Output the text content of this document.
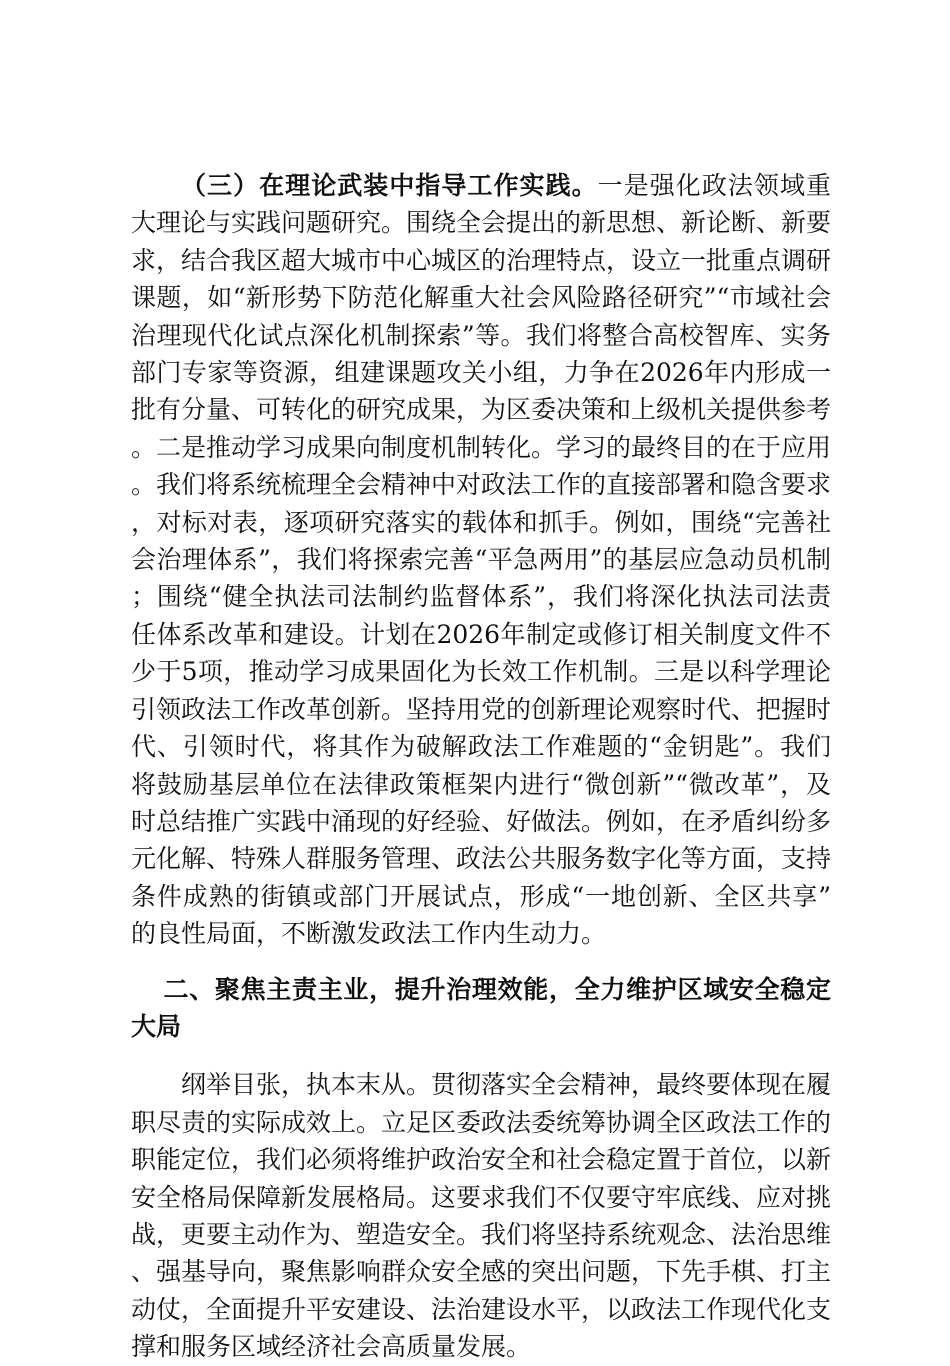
（三）在理论武装中指导工作实践。一是强化政法领域重大理论与实践问题研究。围绕全会提出的新思想、新论断、新要求，结合我区超大城市中心城区的治理特点，设立一批重点调研课题，如“新形势下防范化解重大社会风险路径研究”“市域社会治理现代化试点深化机制探索”等。我们将整合高校智库、实务部门专家等资源，组建课题攻关小组，力争在2026年内形成一批有分量、可转化的研究成果，为区委决策和上级机关提供参考。二是推动学习成果向制度机制转化。学习的最终目的在于应用。我们将系统梳理全会精神中对政法工作的直接部署和隐含要求，对标对表，逐项研究落实的载体和抓手。例如，围绕“完善社会治理体系”，我们将探索完善“平急两用”的基层应急动员机制；围绕“健全执法司法制约监督体系”，我们将深化执法司法责任体系改革和建设。计划在2026年制定或修订相关制度文件不少于5项，推动学习成果固化为长效工作机制。三是以科学理论引领政法工作改革创新。坚持用党的创新理论观察时代、把握时代、引领时代，将其作为破解政法工作难题的“金钥匙”。我们将鼓励基层单位在法律政策框架内进行“微创新”“微改革”，及时总结推广实践中涌现的好经验、好做法。例如，在矛盾纠纷多元化解、特殊人群服务管理、政法公共服务数字化等方面，支持条件成熟的街镇或部门开展试点，形成“一地创新、全区共享”的良性局面，不断激发政法工作内生动力。

二、聚焦主责主业，提升治理效能，全力维护区域安全稳定大局

纲举目张，执本末从。贯彻落实全会精神，最终要体现在履职尽责的实际成效上。立足区委政法委统筹协调全区政法工作的职能定位，我们必须将维护政治安全和社会稳定置于首位，以新安全格局保障新发展格局。这要求我们不仅要守牢底线、应对挑战，更要主动作为、塑造安全。我们将坚持系统观念、法治思维、强基导向，聚焦影响群众安全感的突出问题，下先手棋、打主动仗，全面提升平安建设、法治建设水平，以政法工作现代化支撑和服务区域经济社会高质量发展。
